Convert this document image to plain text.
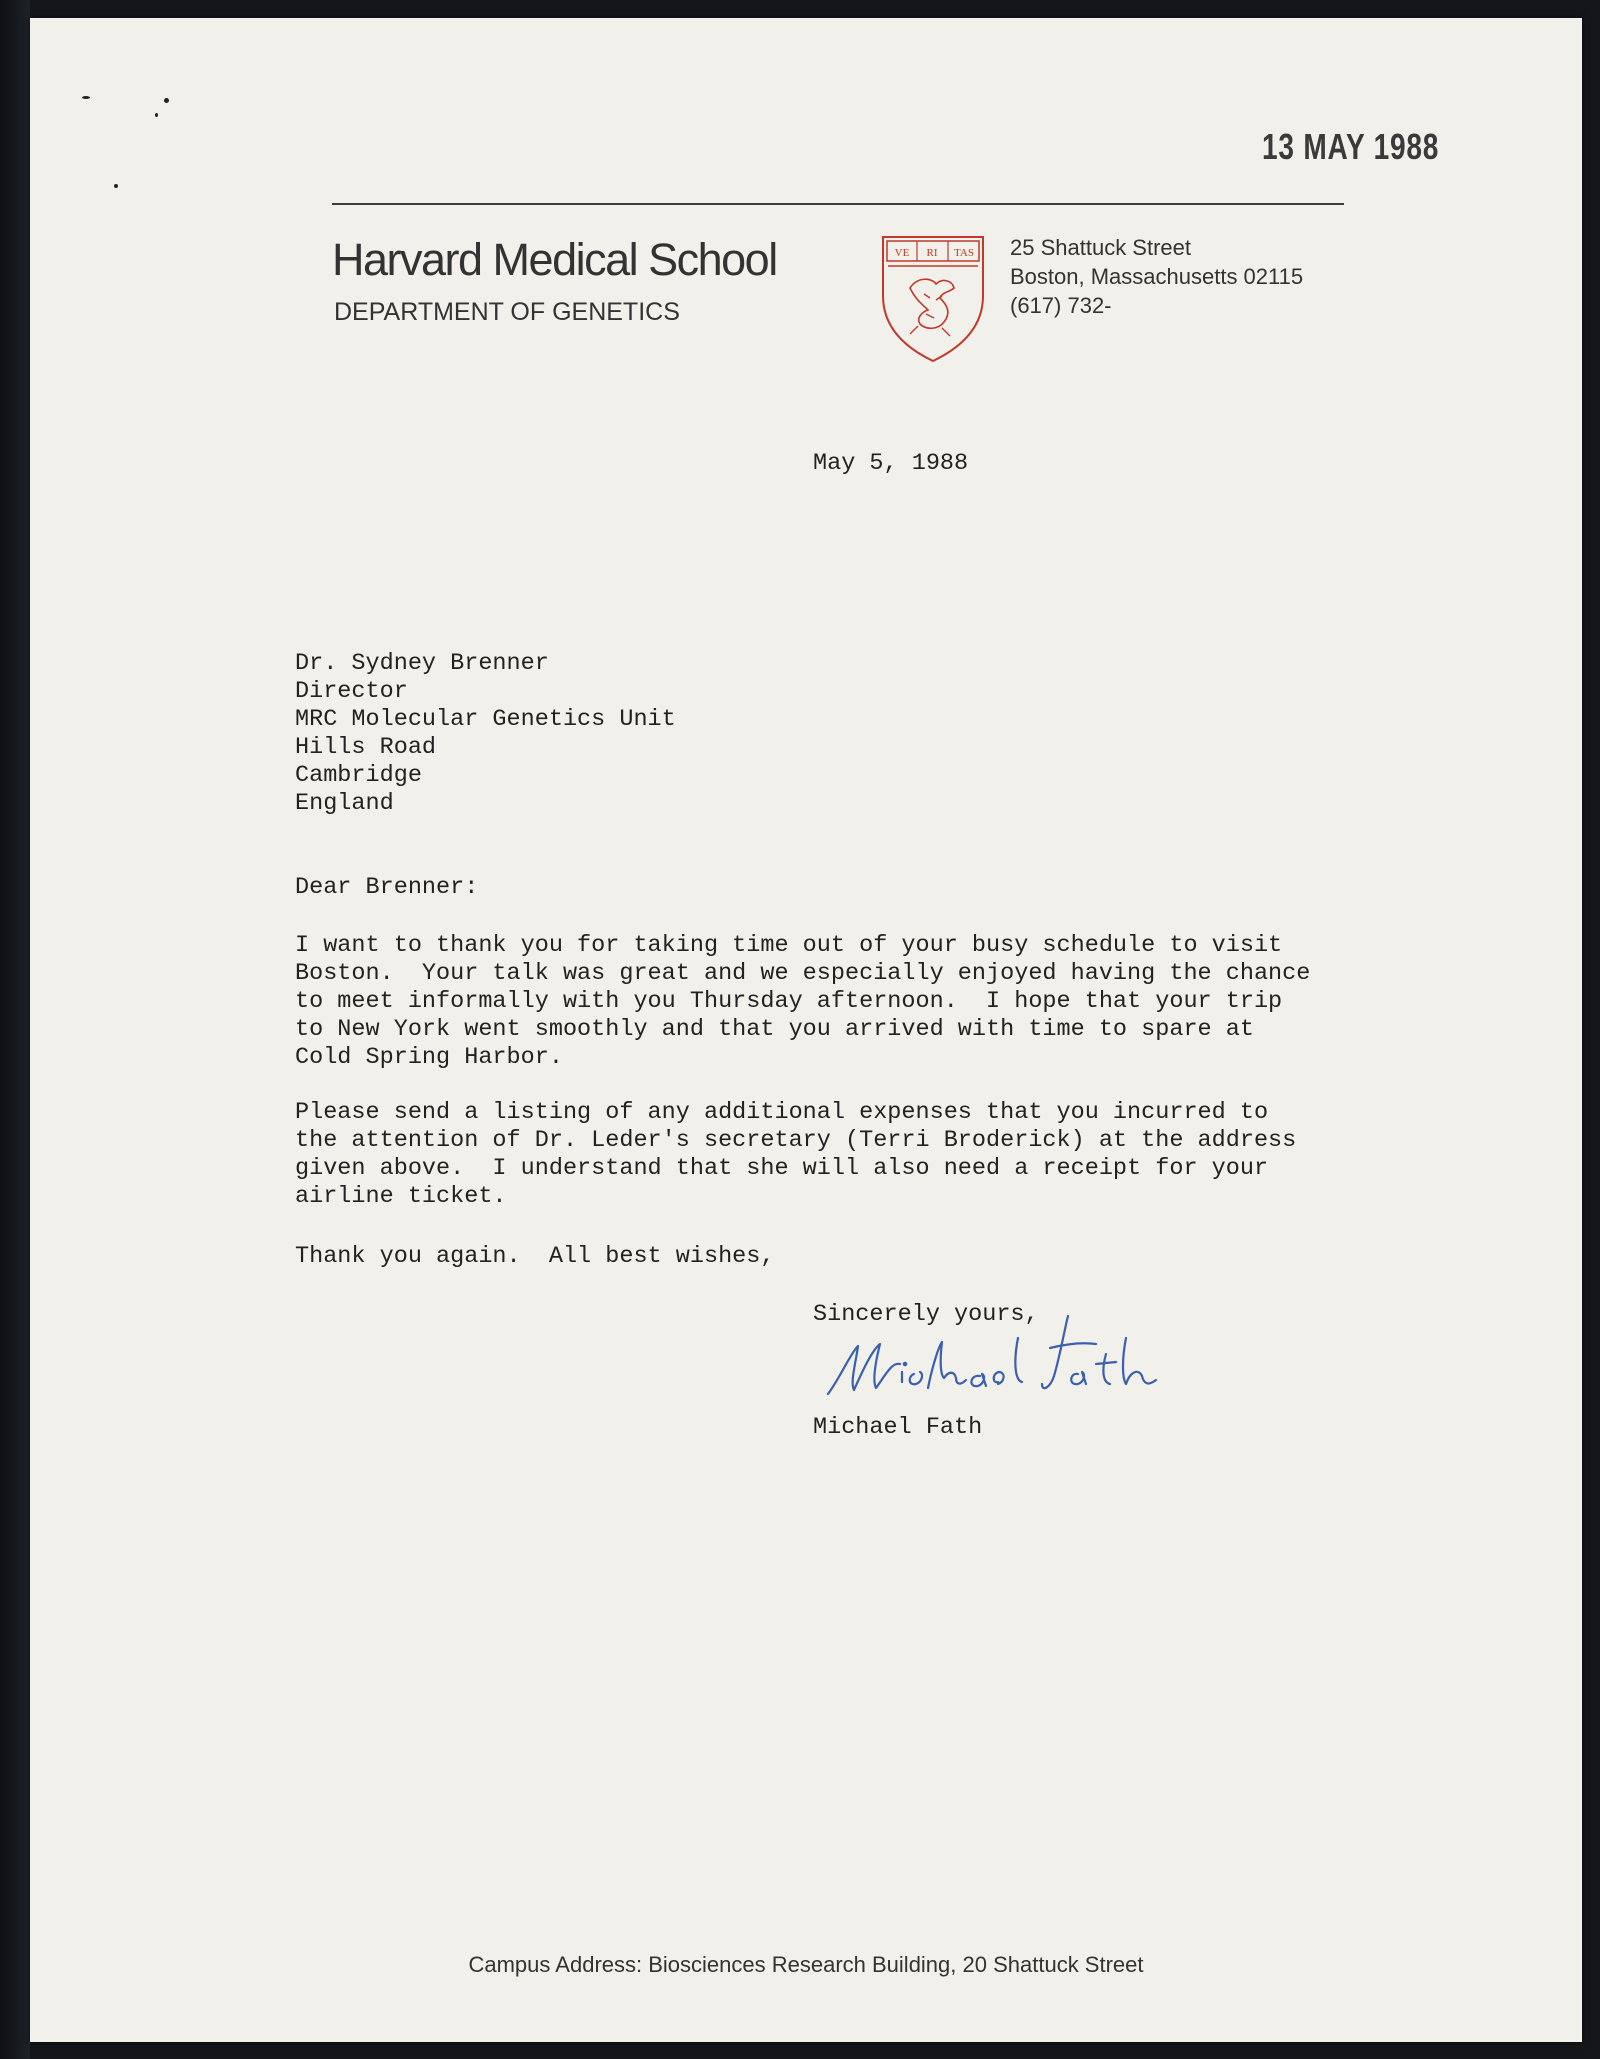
13 MAY 1988
Harvard Medical School
DEPARTMENT OF GENETICS
VE RI TAS 25 Shattuck Street
Boston, Massachusetts 02115
(617) 732-
May 5, 1988
Dr. Sydney Brenner
Director
MRC Molecular Genetics Unit
Hills Road
Cambridge
England
Dear Brenner:
I want to thank you for taking time out of your busy schedule to visit
Boston.  Your talk was great and we especially enjoyed having the chance
to meet informally with you Thursday afternoon.  I hope that your trip
to New York went smoothly and that you arrived with time to spare at
Cold Spring Harbor.
Please send a listing of any additional expenses that you incurred to
the attention of Dr. Leder's secretary (Terri Broderick) at the address
given above.  I understand that she will also need a receipt for your
airline ticket.
Thank you again.  All best wishes,
Sincerely yours,
Michael Fath
Campus Address: Biosciences Research Building, 20 Shattuck Street
